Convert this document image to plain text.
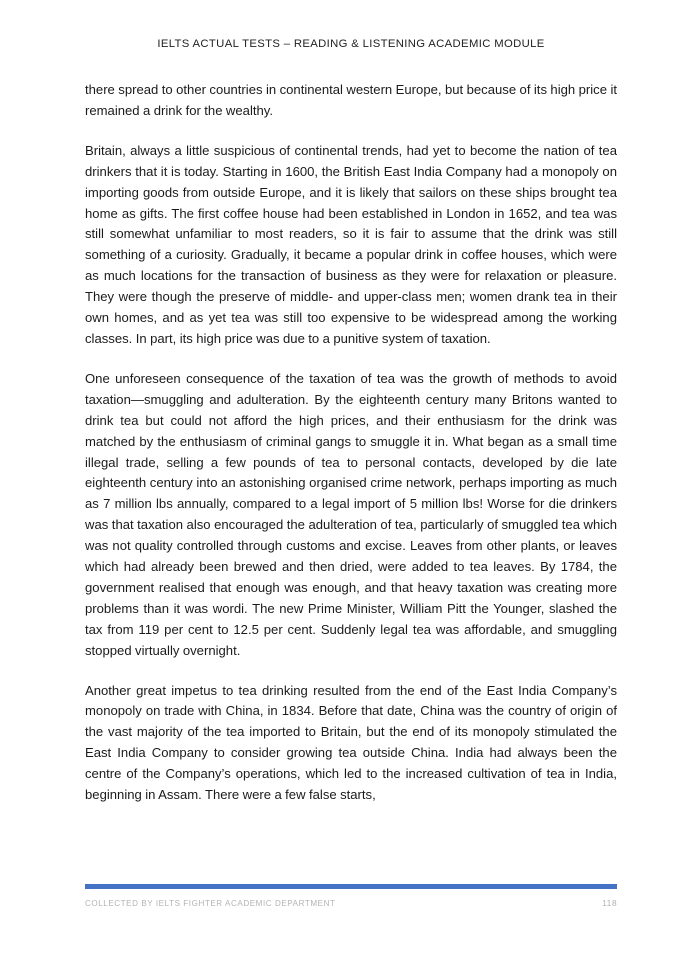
IELTS ACTUAL TESTS – READING & LISTENING ACADEMIC MODULE

there spread to other countries in continental western Europe, but because of its high price it remained a drink for the wealthy.

Britain, always a little suspicious of continental trends, had yet to become the nation of tea drinkers that it is today. Starting in 1600, the British East India Company had a monopoly on importing goods from outside Europe, and it is likely that sailors on these ships brought tea home as gifts. The first coffee house had been established in London in 1652, and tea was still somewhat unfamiliar to most readers, so it is fair to assume that the drink was still something of a curiosity. Gradually, it became a popular drink in coffee houses, which were as much locations for the transaction of business as they were for relaxation or pleasure. They were though the preserve of middle- and upper-class men; women drank tea in their own homes, and as yet tea was still too expensive to be widespread among the working classes. In part, its high price was due to a punitive system of taxation.

One unforeseen consequence of the taxation of tea was the growth of methods to avoid taxation—smuggling and adulteration. By the eighteenth century many Britons wanted to drink tea but could not afford the high prices, and their enthusiasm for the drink was matched by the enthusiasm of criminal gangs to smuggle it in. What began as a small time illegal trade, selling a few pounds of tea to personal contacts, developed by die late eighteenth century into an astonishing organised crime network, perhaps importing as much as 7 million lbs annually, compared to a legal import of 5 million lbs! Worse for die drinkers was that taxation also encouraged the adulteration of tea, particularly of smuggled tea which was not quality controlled through customs and excise. Leaves from other plants, or leaves which had already been brewed and then dried, were added to tea leaves. By 1784, the government realised that enough was enough, and that heavy taxation was creating more problems than it was wordi. The new Prime Minister, William Pitt the Younger, slashed the tax from 119 per cent to 12.5 per cent. Suddenly legal tea was affordable, and smuggling stopped virtually overnight.

Another great impetus to tea drinking resulted from the end of the East India Company’s monopoly on trade with China, in 1834. Before that date, China was the country of origin of the vast majority of the tea imported to Britain, but the end of its monopoly stimulated the East India Company to consider growing tea outside China. India had always been the centre of the Company’s operations, which led to the increased cultivation of tea in India, beginning in Assam. There were a few false starts,

COLLECTED BY IELTS FIGHTER ACADEMIC DEPARTMENT	118
